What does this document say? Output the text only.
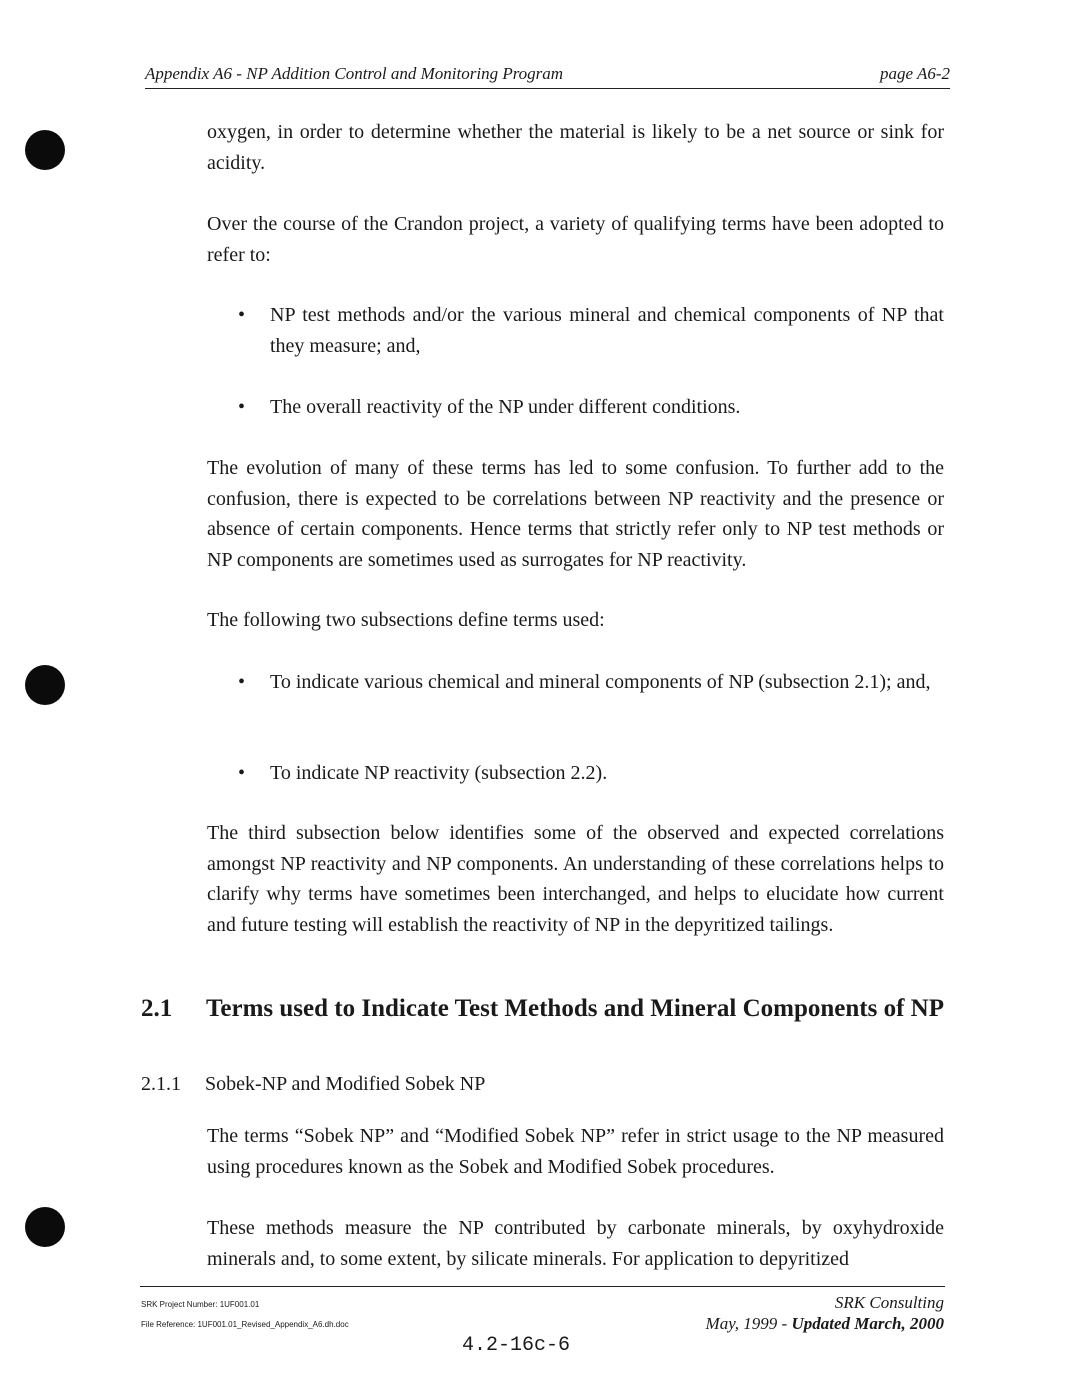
Appendix A6 - NP Addition Control and Monitoring Program	page A6-2
oxygen, in order to determine whether the material is likely to be a net source or sink for acidity.
Over the course of the Crandon project, a variety of qualifying terms have been adopted to refer to:
• NP test methods and/or the various mineral and chemical components of NP that they measure; and,
• The overall reactivity of the NP under different conditions.
The evolution of many of these terms has led to some confusion. To further add to the confusion, there is expected to be correlations between NP reactivity and the presence or absence of certain components. Hence terms that strictly refer only to NP test methods or NP components are sometimes used as surrogates for NP reactivity.
The following two subsections define terms used:
• To indicate various chemical and mineral components of NP (subsection 2.1); and,
• To indicate NP reactivity (subsection 2.2).
The third subsection below identifies some of the observed and expected correlations amongst NP reactivity and NP components. An understanding of these correlations helps to clarify why terms have sometimes been interchanged, and helps to elucidate how current and future testing will establish the reactivity of NP in the depyritized tailings.
2.1 Terms used to Indicate Test Methods and Mineral Components of NP
2.1.1 Sobek-NP and Modified Sobek NP
The terms “Sobek NP” and “Modified Sobek NP” refer in strict usage to the NP measured using procedures known as the Sobek and Modified Sobek procedures.
These methods measure the NP contributed by carbonate minerals, by oxyhydroxide minerals and, to some extent, by silicate minerals. For application to depyritized
SRK Project Number: 1UF001.01
File Reference: 1UF001.01_Revised_Appendix_A6.dh.doc
SRK Consulting
May, 1999 - Updated March, 2000
4.2-16c-6
